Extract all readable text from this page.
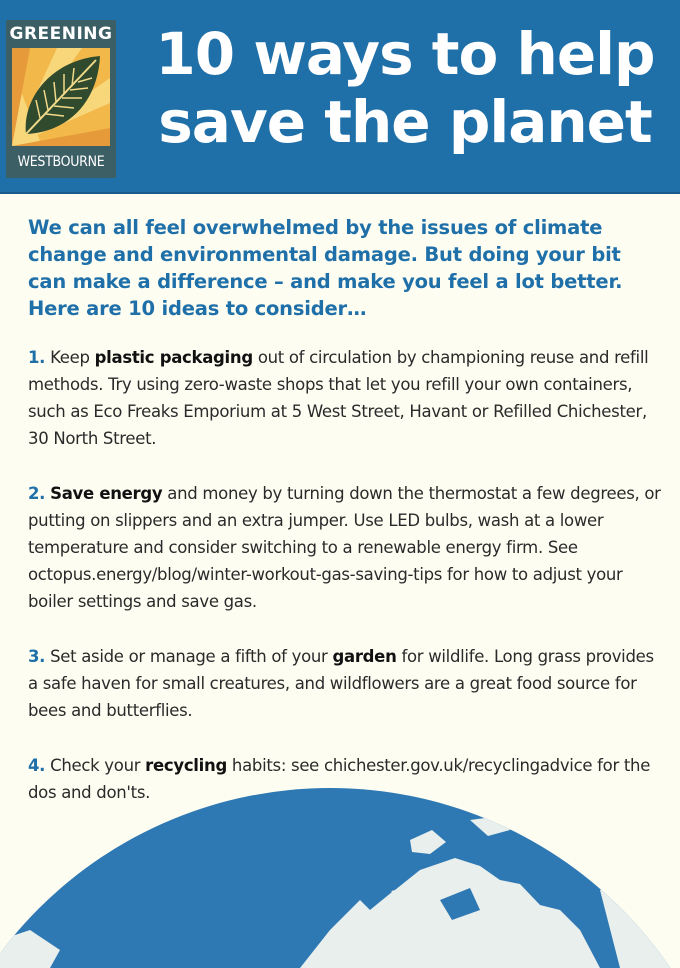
GREENING
WESTBOURNE
10 ways to help
save the planet
We can all feel overwhelmed by the issues of climate change and environmental damage. But doing your bit can make a difference – and make you feel a lot better. Here are 10 ideas to consider…
1. Keep plastic packaging out of circulation by championing reuse and refill methods. Try using zero-waste shops that let you refill your own containers, such as Eco Freaks Emporium at 5 West Street, Havant or Refilled Chichester, 30 North Street.
2. Save energy and money by turning down the thermostat a few degrees, or putting on slippers and an extra jumper. Use LED bulbs, wash at a lower temperature and consider switching to a renewable energy firm. See octopus.energy/blog/winter-workout-gas-saving-tips for how to adjust your boiler settings and save gas.
3. Set aside or manage a fifth of your garden for wildlife. Long grass provides a safe haven for small creatures, and wildflowers are a great food source for bees and butterflies.
4. Check your recycling habits: see chichester.gov.uk/recyclingadvice for the dos and don'ts.
